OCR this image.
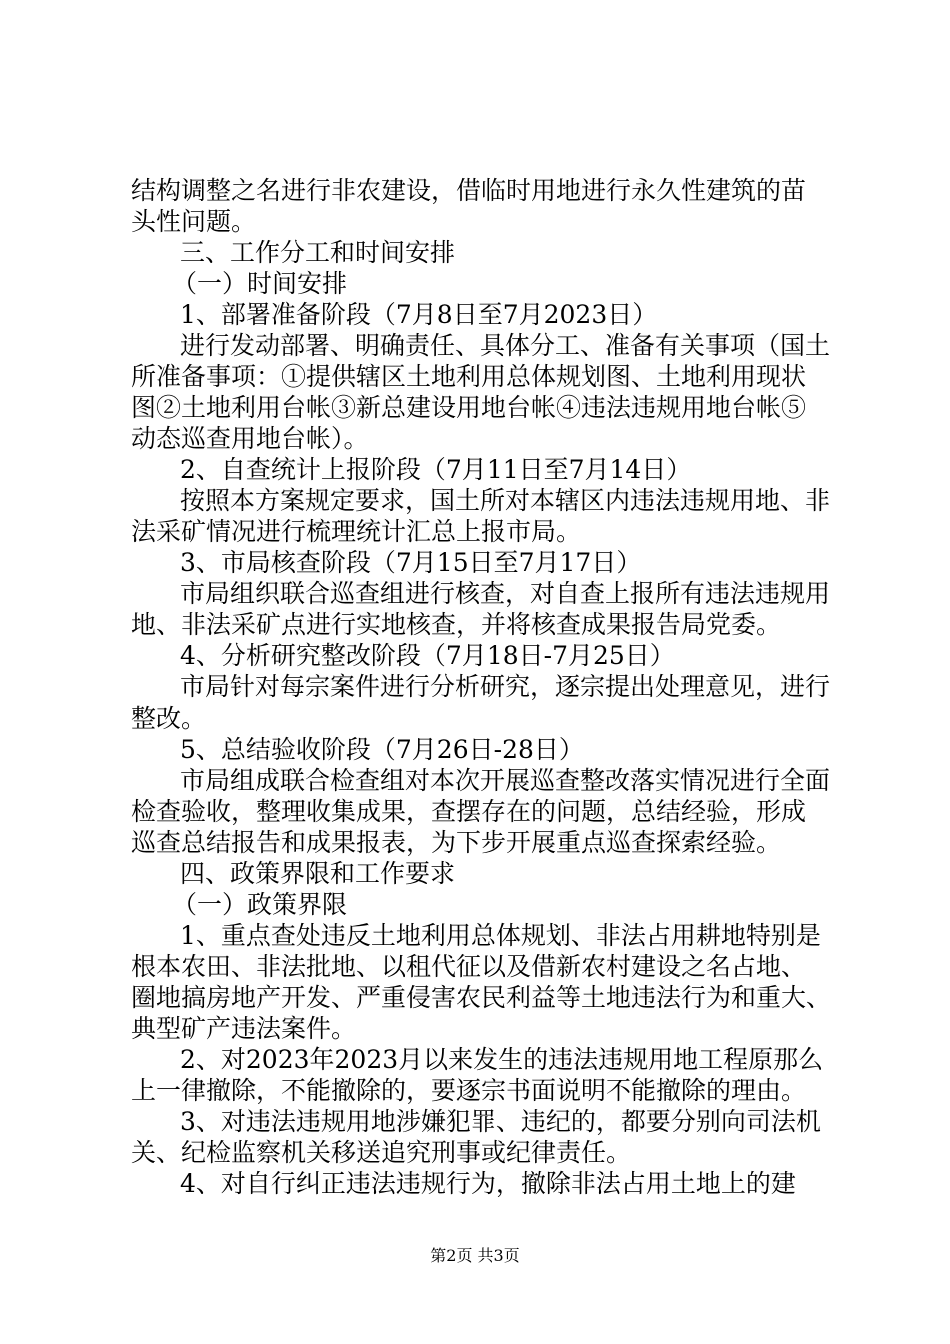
结构调整之名进行非农建设，借临时用地进行永久性建筑的苗
头性问题。
三、工作分工和时间安排
（一）时间安排
1、部署准备阶段（7月8日至7月2023日）
进行发动部署、明确责任、具体分工、准备有关事项（国土
所准备事项：①提供辖区土地利用总体规划图、土地利用现状
图②土地利用台帐③新总建设用地台帐④违法违规用地台帐⑤
动态巡查用地台帐）。
2、自查统计上报阶段（7月11日至7月14日）
按照本方案规定要求，国土所对本辖区内违法违规用地、非
法采矿情况进行梳理统计汇总上报市局。
3、市局核查阶段（7月15日至7月17日）
市局组织联合巡查组进行核查，对自查上报所有违法违规用
地、非法采矿点进行实地核查，并将核查成果报告局党委。
4、分析研究整改阶段（7月18日-7月25日）
市局针对每宗案件进行分析研究，逐宗提出处理意见，进行
整改。
5、总结验收阶段（7月26日-28日）
市局组成联合检查组对本次开展巡查整改落实情况进行全面
检查验收，整理收集成果，查摆存在的问题，总结经验，形成
巡查总结报告和成果报表，为下步开展重点巡查探索经验。
四、政策界限和工作要求
（一）政策界限
1、重点查处违反土地利用总体规划、非法占用耕地特别是
根本农田、非法批地、以租代征以及借新农村建设之名占地、
圈地搞房地产开发、严重侵害农民利益等土地违法行为和重大、
典型矿产违法案件。
2、对2023年2023月以来发生的违法违规用地工程原那么
上一律撤除，不能撤除的，要逐宗书面说明不能撤除的理由。
3、对违法违规用地涉嫌犯罪、违纪的，都要分别向司法机
关、纪检监察机关移送追究刑事或纪律责任。
4、对自行纠正违法违规行为，撤除非法占用土地上的建
第2页 共3页
